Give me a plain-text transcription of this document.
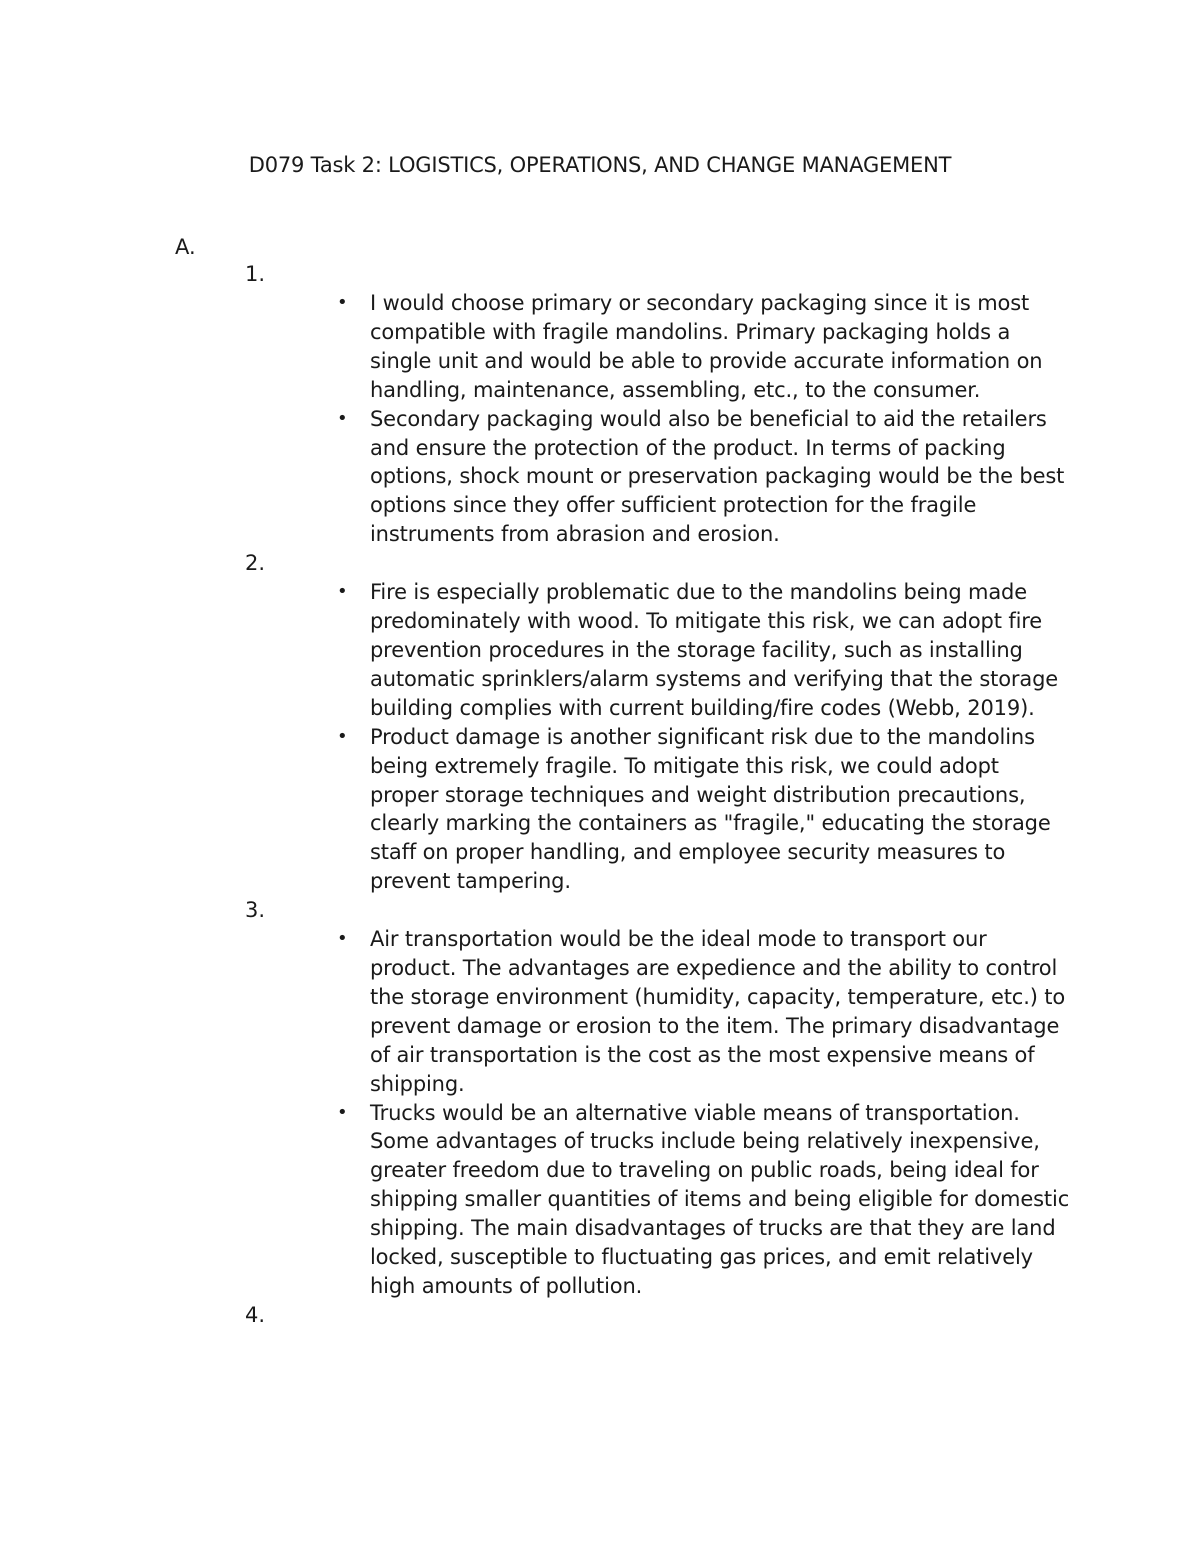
D079 Task 2: LOGISTICS, OPERATIONS, AND CHANGE MANAGEMENT
A.
1.
• I would choose primary or secondary packaging since it is most compatible with fragile mandolins. Primary packaging holds a single unit and would be able to provide accurate information on handling, maintenance, assembling, etc., to the consumer.
• Secondary packaging would also be beneficial to aid the retailers and ensure the protection of the product. In terms of packing options, shock mount or preservation packaging would be the best options since they offer sufficient protection for the fragile instruments from abrasion and erosion.
2.
• Fire is especially problematic due to the mandolins being made predominately with wood. To mitigate this risk, we can adopt fire prevention procedures in the storage facility, such as installing automatic sprinklers/alarm systems and verifying that the storage building complies with current building/fire codes (Webb, 2019).
• Product damage is another significant risk due to the mandolins being extremely fragile. To mitigate this risk, we could adopt proper storage techniques and weight distribution precautions, clearly marking the containers as "fragile," educating the storage staff on proper handling, and employee security measures to prevent tampering.
3.
• Air transportation would be the ideal mode to transport our product. The advantages are expedience and the ability to control the storage environment (humidity, capacity, temperature, etc.) to prevent damage or erosion to the item. The primary disadvantage of air transportation is the cost as the most expensive means of shipping.
• Trucks would be an alternative viable means of transportation. Some advantages of trucks include being relatively inexpensive, greater freedom due to traveling on public roads, being ideal for shipping smaller quantities of items and being eligible for domestic shipping. The main disadvantages of trucks are that they are land locked, susceptible to fluctuating gas prices, and emit relatively high amounts of pollution.
4.
